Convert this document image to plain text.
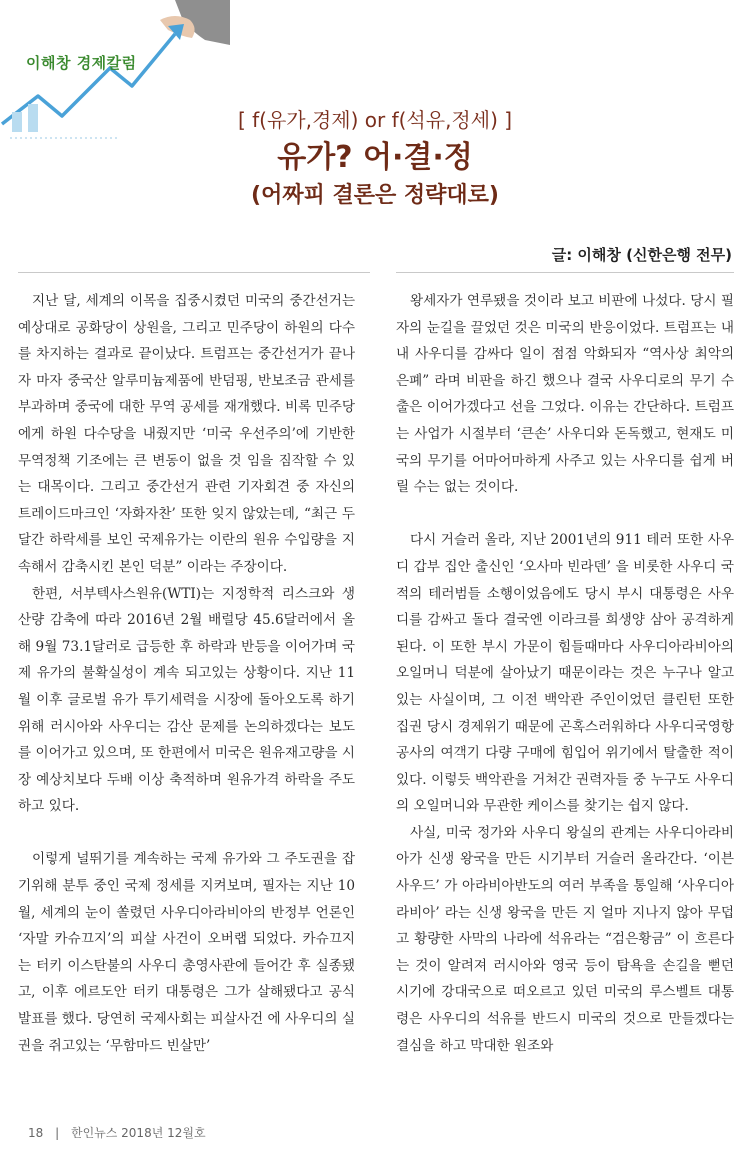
이해창 경제칼럼
[ f(유가,경제) or f(석유,정세) ]
유가? 어·결·정
(어짜피 결론은 정략대로)
글: 이해창 (신한은행 전무)

지난 달, 세계의 이목을 집중시켰던 미국의 중간선거는 예상대로 공화당이 상원을, 그리고 민주당이 하원의 다수를 차지하는 결과로 끝이났다. 트럼프는 중간선거가 끝나자 마자 중국산 알루미늄제품에 반덤핑, 반보조금 관세를 부과하며 중국에 대한 무역 공세를 재개했다. 비록 민주당에게 하원 다수당을 내줬지만 ‘미국 우선주의’에 기반한 무역정책 기조에는 큰 변동이 없을 것 임을 짐작할 수 있는 대목이다. 그리고 중간선거 관련 기자회견 중 자신의 트레이드마크인 ‘자화자찬’ 또한 잊지 않았는데, “최근 두달간 하락세를 보인 국제유가는 이란의 원유 수입량을 지속해서 감축시킨 본인 덕분” 이라는 주장이다.

한편, 서부텍사스원유(WTI)는 지정학적 리스크와 생산량 감축에 따라 2016년 2월 배럴당 45.6달러에서 올해 9월 73.1달러로 급등한 후 하락과 반등을 이어가며 국제 유가의 불확실성이 계속 되고있는 상황이다. 지난 11월 이후 글로벌 유가 투기세력을 시장에 돌아오도록 하기 위해 러시아와 사우디는 감산 문제를 논의하겠다는 보도를 이어가고 있으며, 또 한편에서 미국은 원유재고량을 시장 예상치보다 두배 이상 축적하며 원유가격 하락을 주도하고 있다.

이렇게 널뛰기를 계속하는 국제 유가와 그 주도권을 잡기위해 분투 중인 국제 정세를 지켜보며, 필자는 지난 10월, 세계의 눈이 쏠렸던 사우디아라비아의 반정부 언론인 ‘자말 카슈끄지’의 피살 사건이 오버랩 되었다. 카슈끄지는 터키 이스탄불의 사우디 총영사관에 들어간 후 실종됐고, 이후 에르도안 터키 대통령은 그가 살해됐다고 공식 발표를 했다. 당연히 국제사회는 피살사건 에 사우디의 실권을 쥐고있는 ‘무함마드 빈살만’

왕세자가 연루됐을 것이라 보고 비판에 나섰다. 당시 필자의 눈길을 끌었던 것은 미국의 반응이었다. 트럼프는 내내 사우디를 감싸다 일이 점점 악화되자 “역사상 최악의 은폐” 라며 비판을 하긴 했으나 결국 사우디로의 무기 수출은 이어가겠다고 선을 그었다. 이유는 간단하다. 트럼프는 사업가 시절부터 ‘큰손’ 사우디와 돈독했고, 현재도 미국의 무기를 어마어마하게 사주고 있는 사우디를 쉽게 버릴 수는 없는 것이다.

다시 거슬러 올라, 지난 2001년의 911 테러 또한 사우디 갑부 집안 출신인 ‘오사마 빈라덴’ 을 비롯한 사우디 국적의 테러범들 소행이었음에도 당시 부시 대통령은 사우디를 감싸고 돌다 결국엔 이라크를 희생양 삼아 공격하게 된다. 이 또한 부시 가문이 힘들때마다 사우디아라비아의 오일머니 덕분에 살아났기 때문이라는 것은 누구나 알고 있는 사실이며, 그 이전 백악관 주인이었던 클린턴 또한 집권 당시 경제위기 때문에 곤혹스러워하다 사우디국영항공사의 여객기 다량 구매에 힘입어 위기에서 탈출한 적이 있다. 이렇듯 백악관을 거쳐간 권력자들 중 누구도 사우디의 오일머니와 무관한 케이스를 찾기는 쉽지 않다.

사실, 미국 정가와 사우디 왕실의 관계는 사우디아라비아가 신생 왕국을 만든 시기부터 거슬러 올라간다. ‘이븐 사우드’ 가 아라비아반도의 여러 부족을 통일해 ‘사우디아라비아’ 라는 신생 왕국을 만든 지 얼마 지나지 않아 무덥고 황량한 사막의 나라에 석유라는 “검은황금” 이 흐른다는 것이 알려져 러시아와 영국 등이 탐욕을 손길을 뻗던 시기에 강대국으로 떠오르고 있던 미국의 루스벨트 대통령은 사우디의 석유를 반드시 미국의 것으로 만들겠다는 결심을 하고 막대한 원조와

18 | 한인뉴스 2018년 12월호
